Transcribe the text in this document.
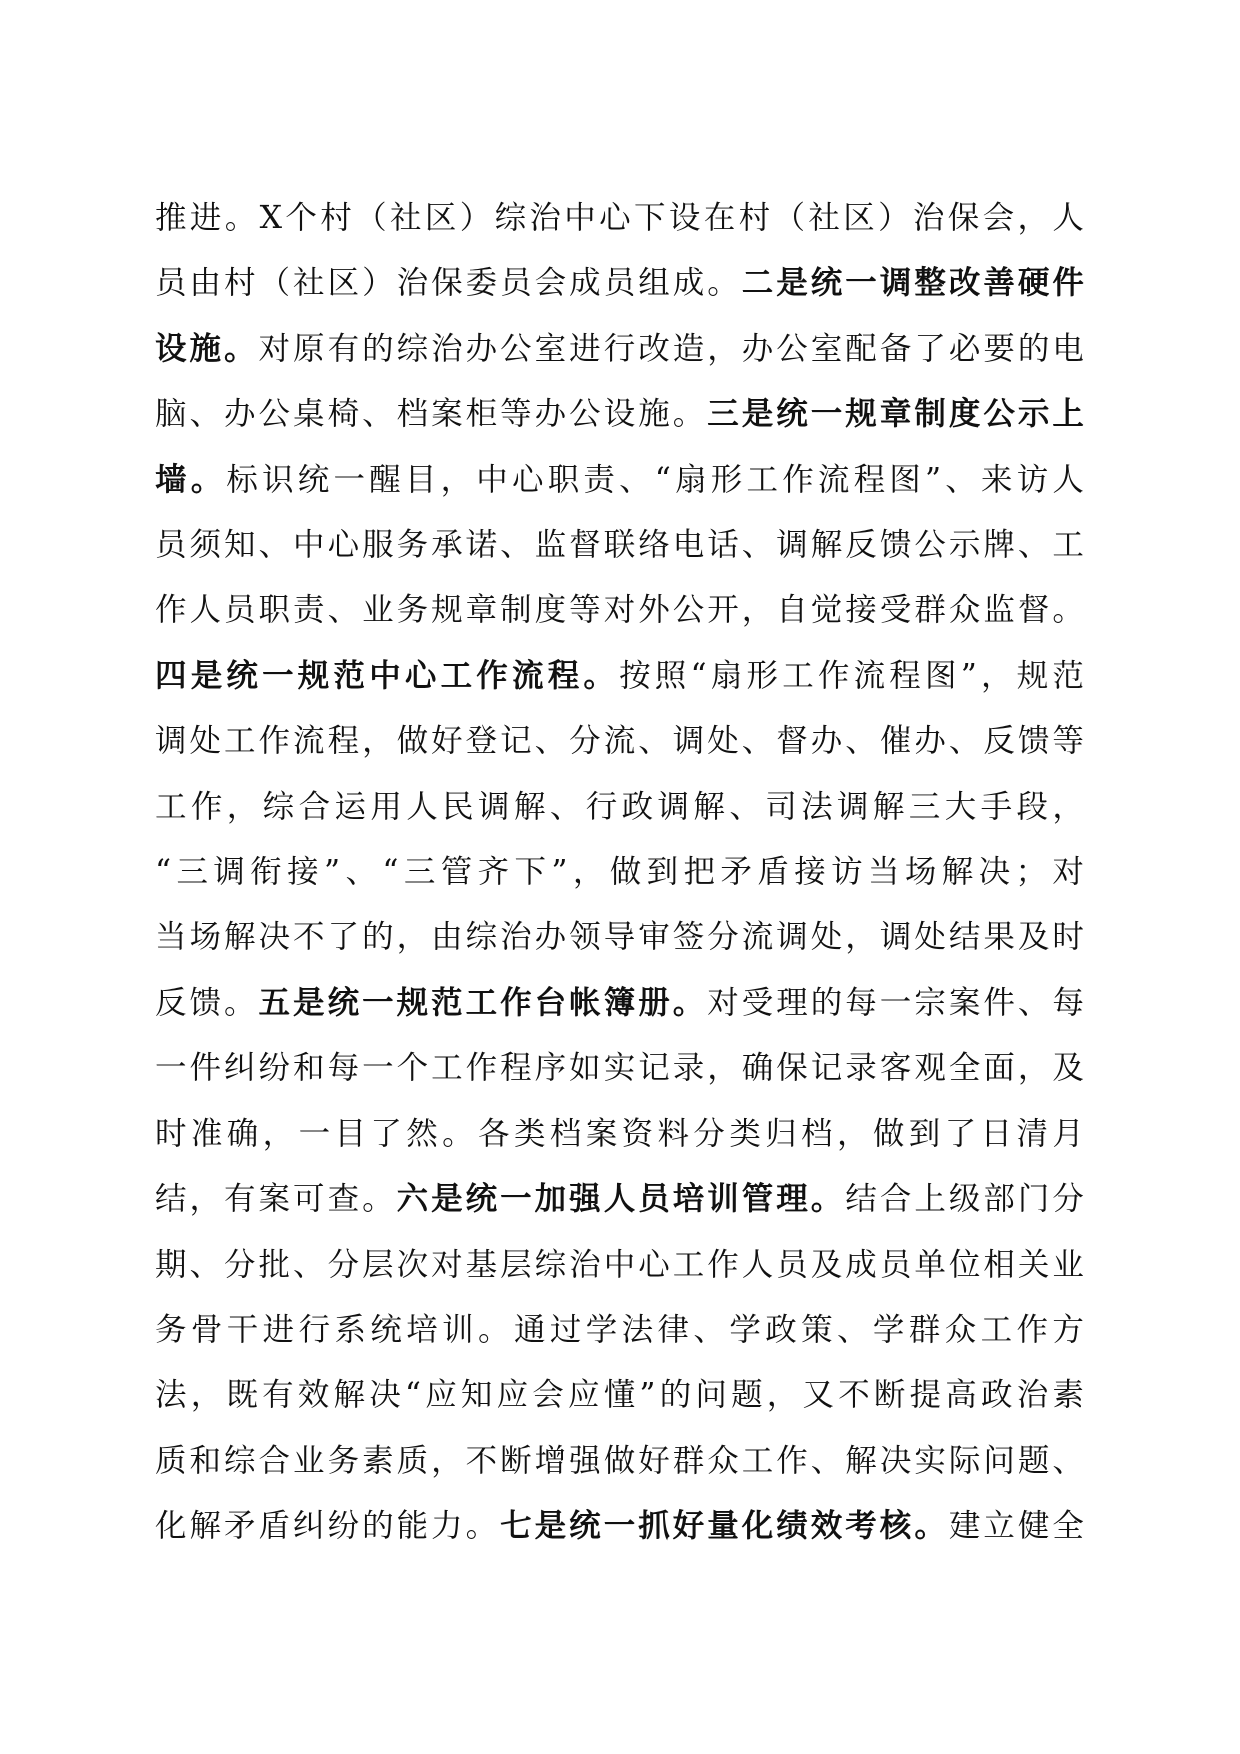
推进。X个村（社区）综治中心下设在村（社区）治保会，人
员由村（社区）治保委员会成员组成。二是统一调整改善硬件
设施。对原有的综治办公室进行改造，办公室配备了必要的电
脑、办公桌椅、档案柜等办公设施。三是统一规章制度公示上
墙。标识统一醒目，中心职责、“扇形工作流程图”、来访人
员须知、中心服务承诺、监督联络电话、调解反馈公示牌、工
作人员职责、业务规章制度等对外公开，自觉接受群众监督。
四是统一规范中心工作流程。按照“扇形工作流程图”，规范
调处工作流程，做好登记、分流、调处、督办、催办、反馈等
工作，综合运用人民调解、行政调解、司法调解三大手段，
“三调衔接”、“三管齐下”，做到把矛盾接访当场解决；对
当场解决不了的，由综治办领导审签分流调处，调处结果及时
反馈。五是统一规范工作台帐簿册。对受理的每一宗案件、每
一件纠纷和每一个工作程序如实记录，确保记录客观全面，及
时准确，一目了然。各类档案资料分类归档，做到了日清月
结，有案可查。六是统一加强人员培训管理。结合上级部门分
期、分批、分层次对基层综治中心工作人员及成员单位相关业
务骨干进行系统培训。通过学法律、学政策、学群众工作方
法，既有效解决“应知应会应懂”的问题，又不断提高政治素
质和综合业务素质，不断增强做好群众工作、解决实际问题、
化解矛盾纠纷的能力。七是统一抓好量化绩效考核。建立健全
